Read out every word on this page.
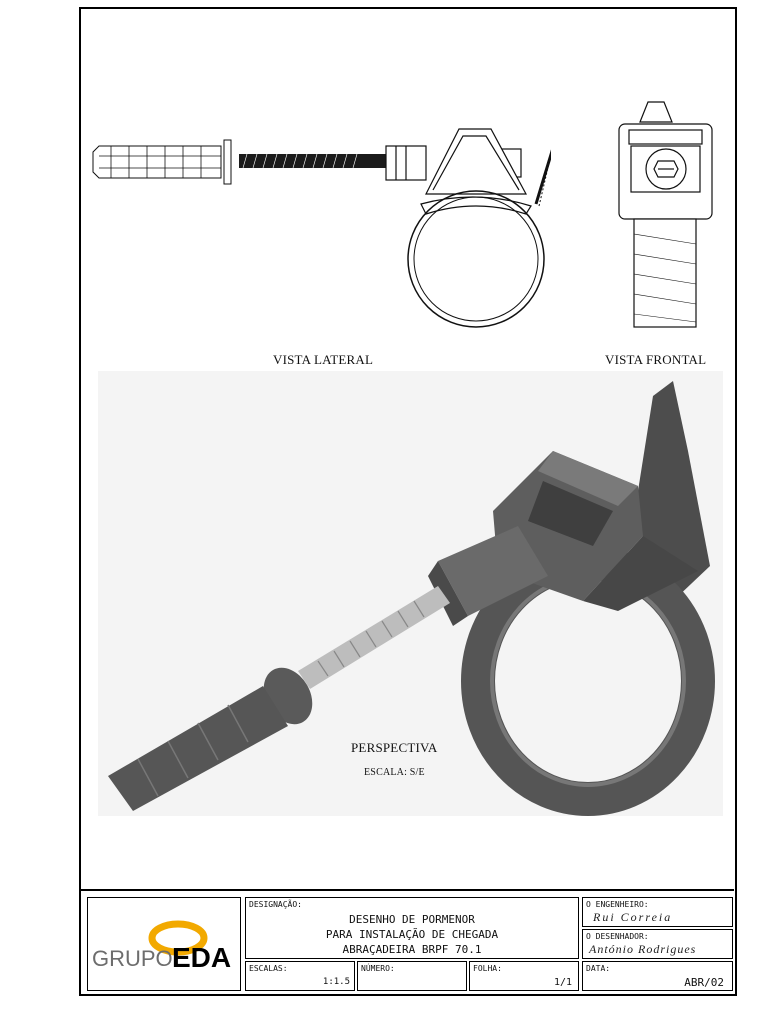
VISTA LATERAL	VISTA FRONTAL
PERSPECTIVA
ESCALA: S/E
GRUPO EDA
DESIGNAÇÃO:
DESENHO DE PORMENOR
PARA INSTALAÇÃO DE CHEGADA
ABRAÇADEIRA BRPF 70.1
O ENGENHEIRO:
Rui Correia
O DESENHADOR:
António Rodrigues
ESCALAS:
1:1.5
NÚMERO:	FOLHA:
1/1
DATA:
ABR/02
